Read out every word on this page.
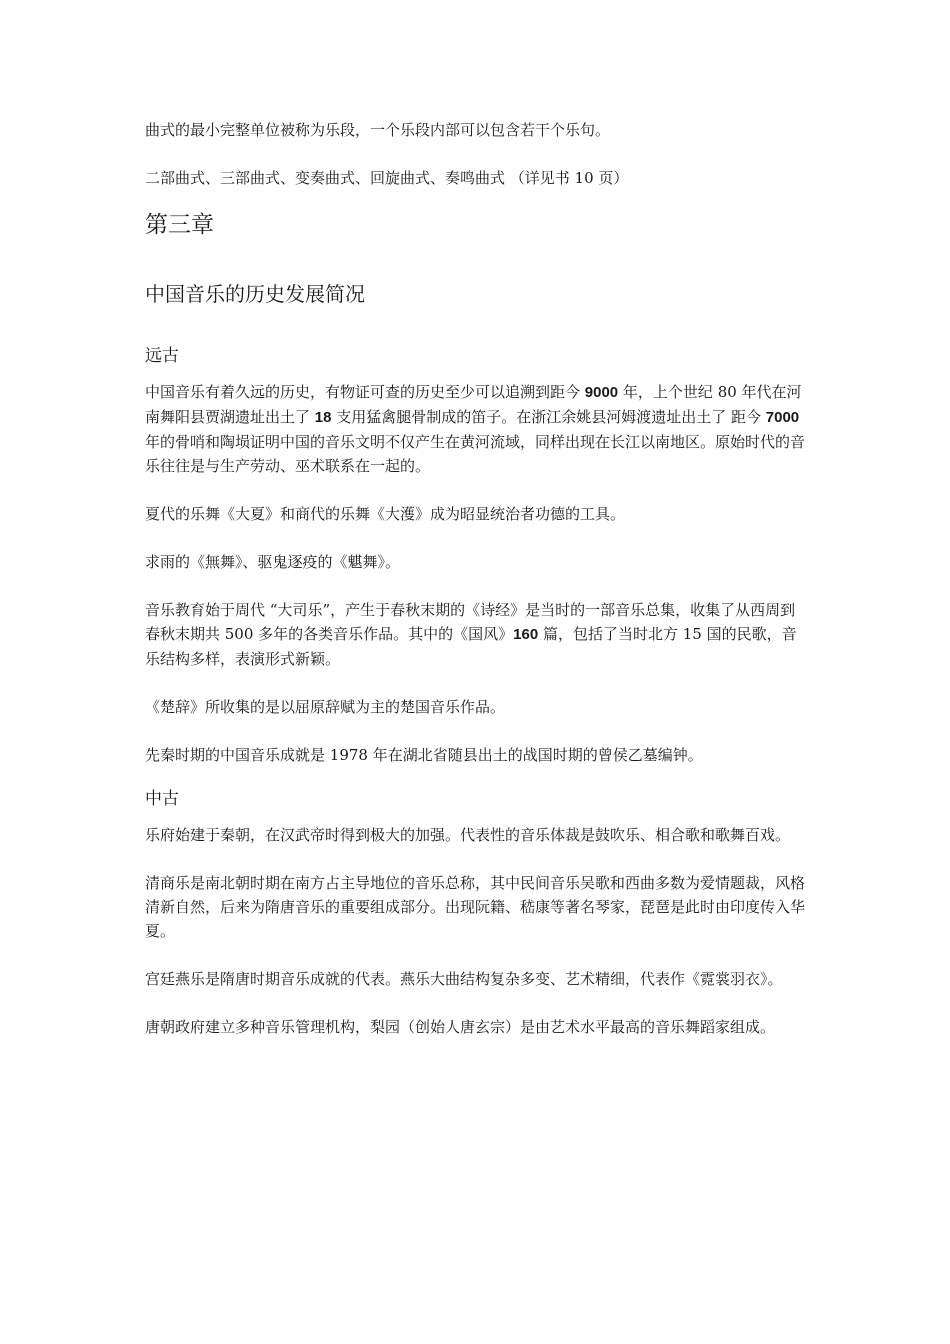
曲式的最小完整单位被称为乐段，一个乐段内部可以包含若干个乐句。

二部曲式、三部曲式、变奏曲式、回旋曲式、奏鸣曲式 （详见书 10 页）

第三章
中国音乐的历史发展简况
远古

中国音乐有着久远的历史，有物证可查的历史至少可以追溯到距今 9000 年，上个世纪 80 年代在河南舞阳县贾湖遗址出土了 18 支用猛禽腿骨制成的笛子。在浙江余姚县河姆渡遗址出土了 距今 7000 年的骨哨和陶埙证明中国的音乐文明不仅产生在黄河流域，同样出现在长江以南地区。原始时代的音乐往往是与生产劳动、巫术联系在一起的。

夏代的乐舞《大夏》和商代的乐舞《大濩》成为昭显统治者功德的工具。

求雨的《無舞》、驱鬼逐疫的《魌舞》。

音乐教育始于周代 “大司乐”，产生于春秋末期的《诗经》是当时的一部音乐总集，收集了从西周到春秋末期共 500 多年的各类音乐作品。其中的《国风》160 篇，包括了当时北方 15 国的民歌，音乐结构多样，表演形式新颖。

《楚辞》所收集的是以屈原辞赋为主的楚国音乐作品。

先秦时期的中国音乐成就是 1978 年在湖北省随县出土的战国时期的曾侯乙墓编钟。

中古

乐府始建于秦朝，在汉武帝时得到极大的加强。代表性的音乐体裁是鼓吹乐、相合歌和歌舞百戏。

清商乐是南北朝时期在南方占主导地位的音乐总称，其中民间音乐吴歌和西曲多数为爱情题裁，风格清新自然，后来为隋唐音乐的重要组成部分。出现阮籍、嵇康等著名琴家，琵琶是此时由印度传入华夏。

宫廷燕乐是隋唐时期音乐成就的代表。燕乐大曲结构复杂多变、艺术精细，代表作《霓裳羽衣》。

唐朝政府建立多种音乐管理机构，梨园（创始人唐玄宗）是由艺术水平最高的音乐舞蹈家组成。
